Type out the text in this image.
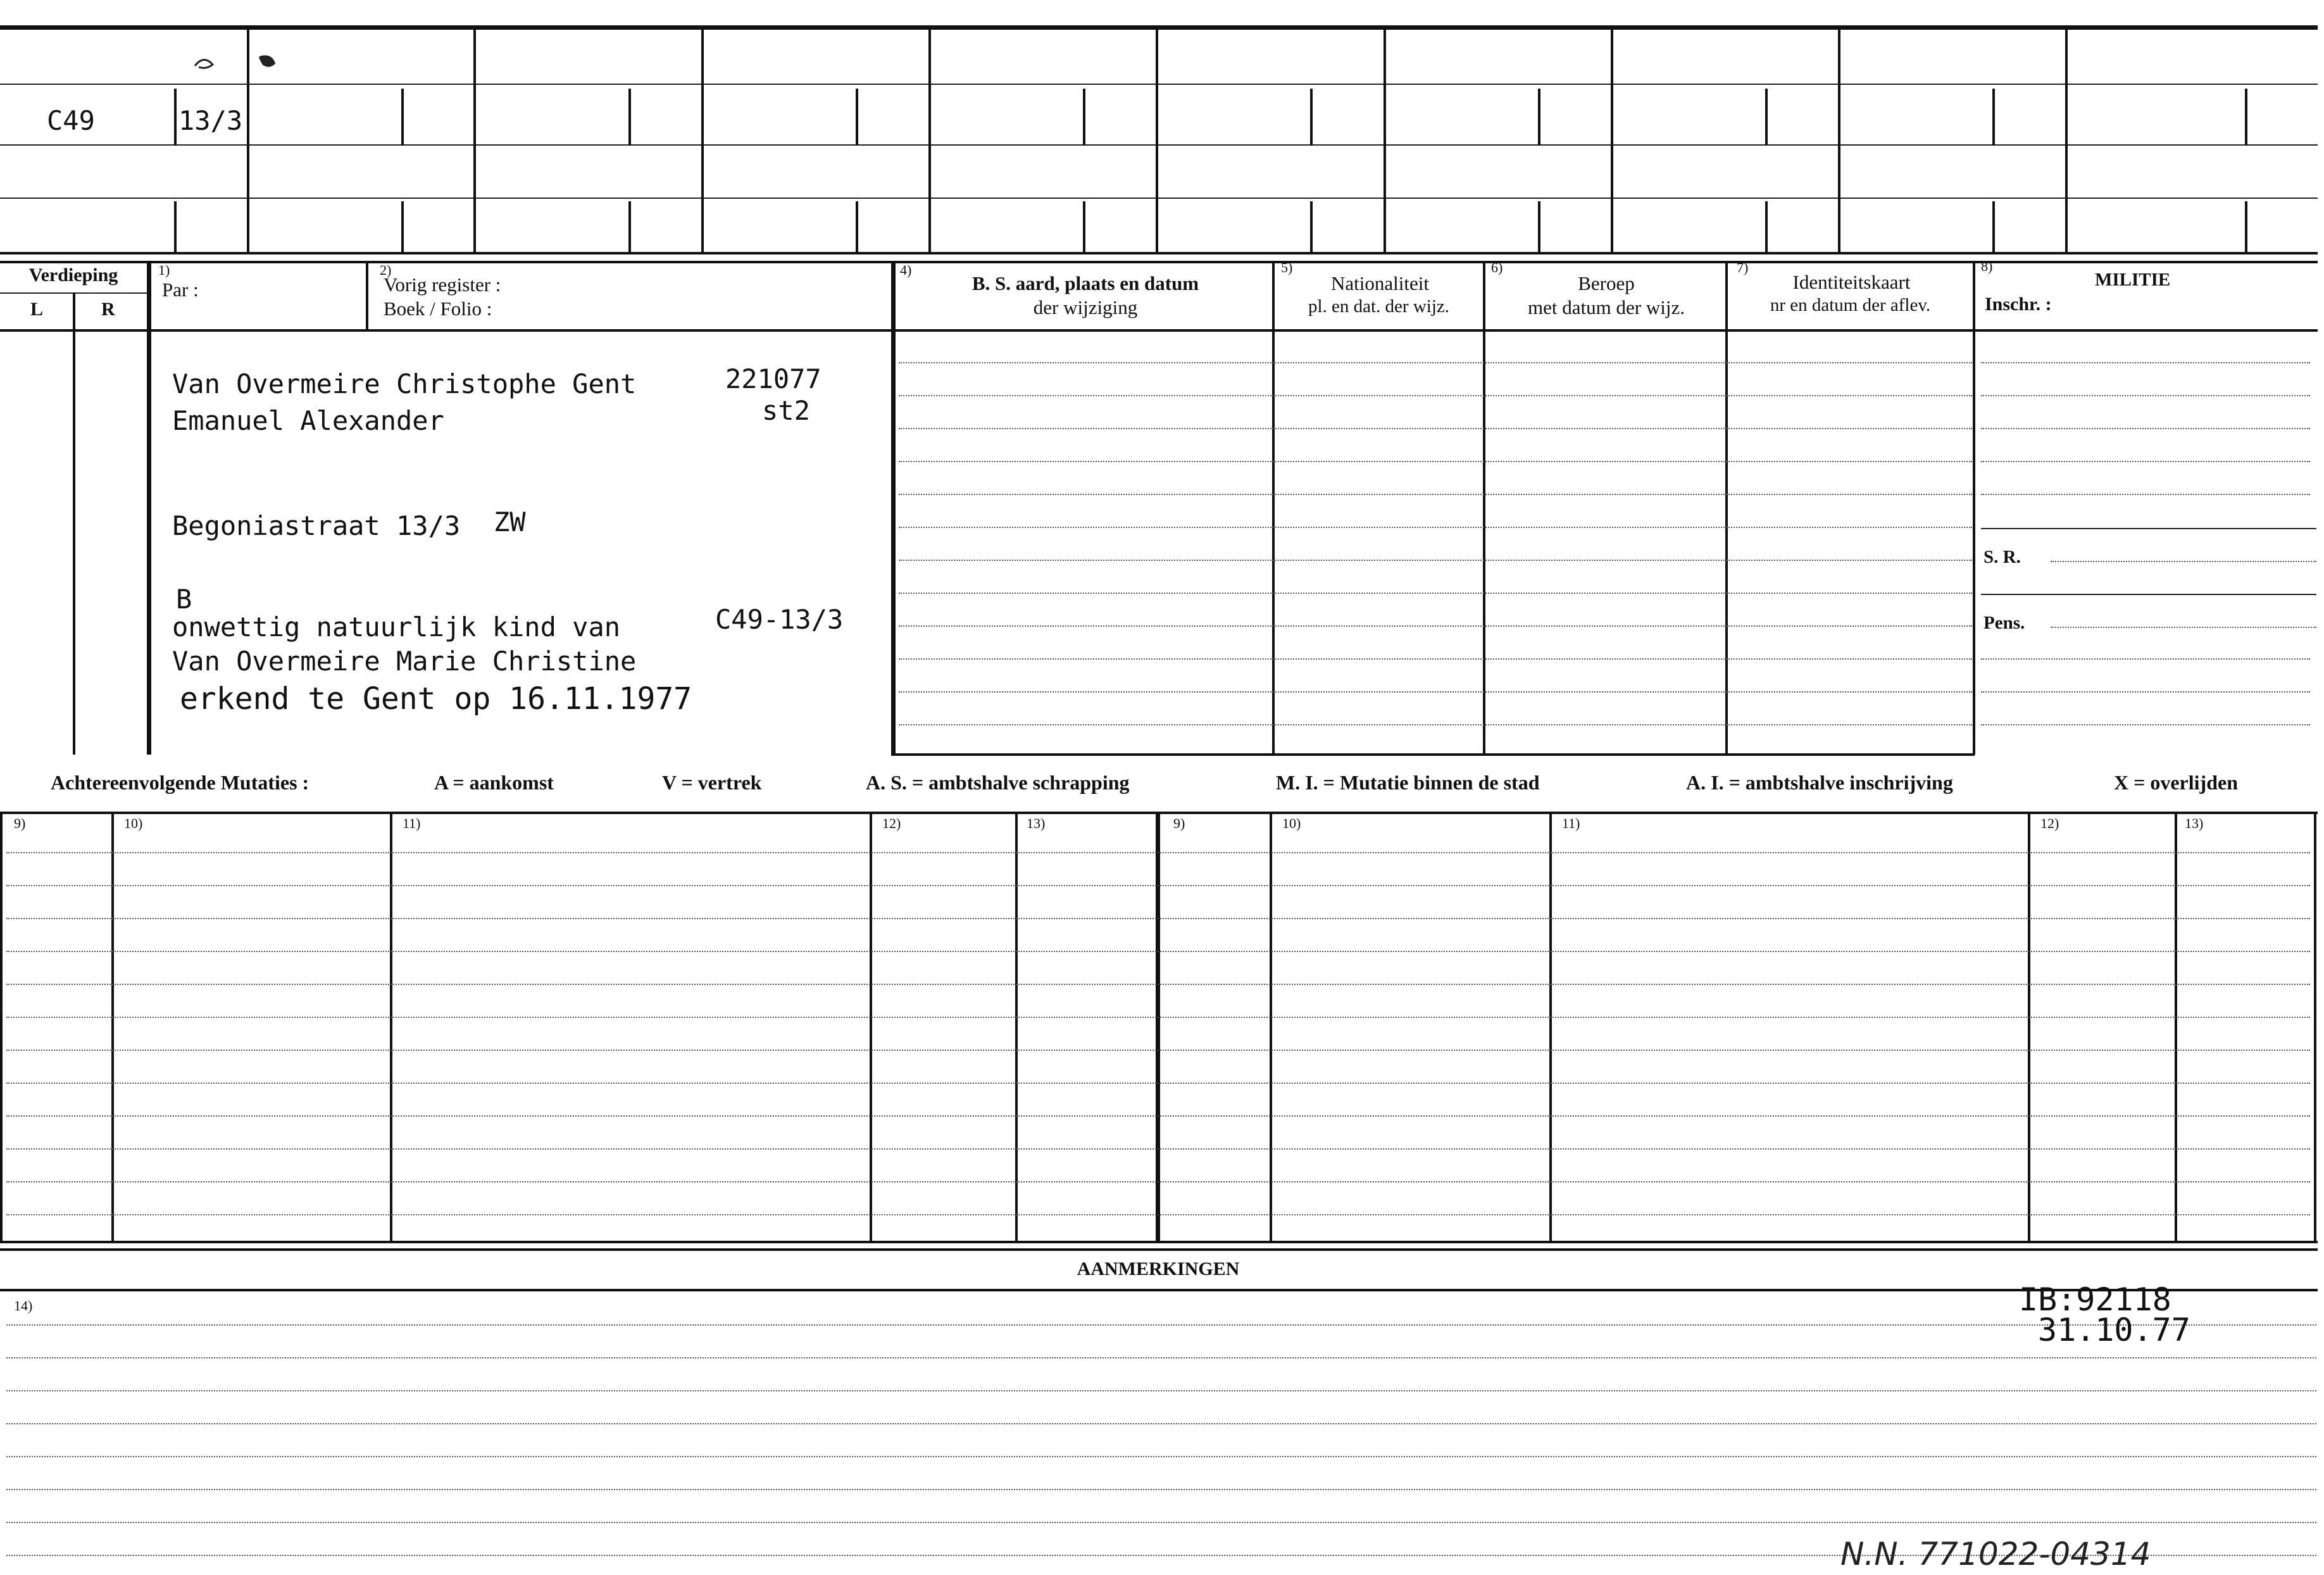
C49	13/3
Verdieping
L	R
1)
Par :
2)
Vorig register :
Boek / Folio :
4)
B. S. aard, plaats en datum
der wijziging
5)
Nationaliteit
pl. en dat. der wijz.
6)
Beroep
met datum der wijz.
7)
Identiteitskaart
nr en datum der aflev.
8)
MILITIE
Inschr. :
S. R.
Pens.
Van Overmeire Christophe Gent	221077
st2
Emanuel Alexander
Begoniastraat 13/3 ZW
B
onwettig natuurlijk kind van	C49-13/3
Van Overmeire Marie Christine
erkend te Gent op 16.11.1977
Achtereenvolgende Mutaties :	A = aankomst	V = vertrek	A. S. = ambtshalve schrapping	M. I. = Mutatie binnen de stad	A. I. = ambtshalve inschrijving	X = overlijden
9)	10)	11)	12)	13)	9)	10)	11)	12)	13)
AANMERKINGEN
14)	IB:92118
31.10.77
N.N. 771022-04314
